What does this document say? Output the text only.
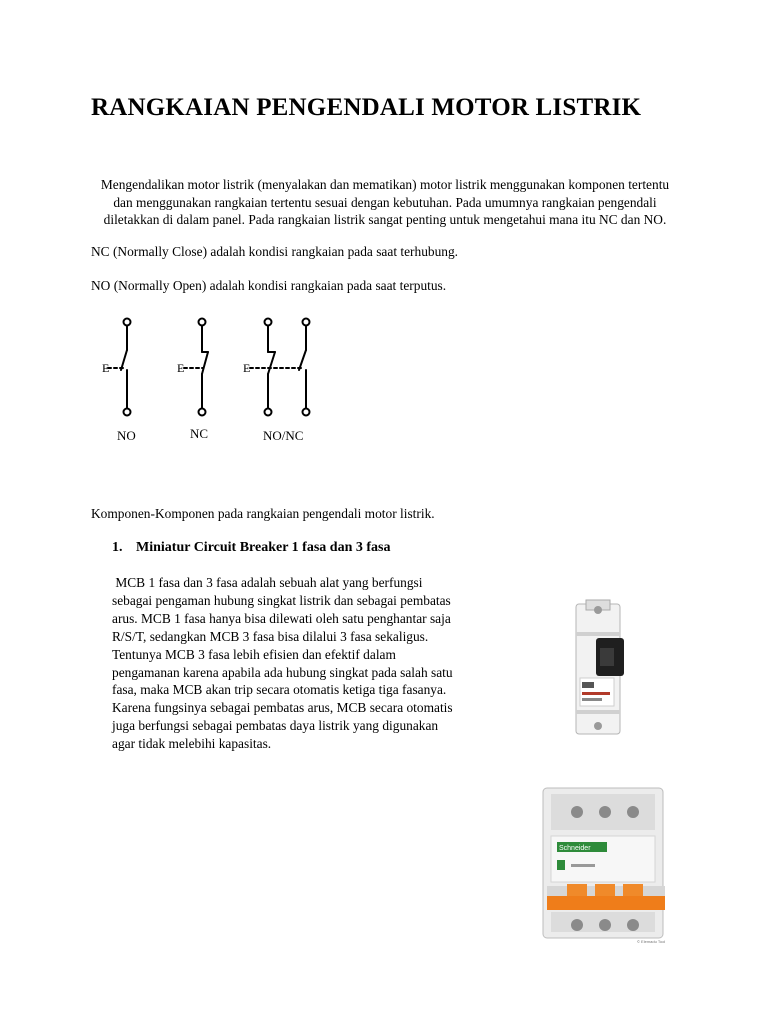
RANGKAIAN PENGENDALI MOTOR LISTRIK

Mengendalikan motor listrik (menyalakan dan mematikan) motor listrik menggunakan komponen tertentu
dan menggunakan rangkaian tertentu sesuai dengan kebutuhan. Pada umumnya rangkaian pengendali
diletakkan di dalam panel. Pada rangkaian listrik sangat penting untuk mengetahui mana itu NC dan NO.

NC (Normally Close) adalah kondisi rangkaian pada saat terhubung.

NO (Normally Open) adalah kondisi rangkaian pada saat terputus.

E	E	E
NO	NC	NO/NC

Komponen-Komponen pada rangkaian pengendali motor listrik.

1. Miniatur Circuit Breaker 1 fasa dan 3 fasa

MCB 1 fasa dan 3 fasa adalah sebuah alat yang berfungsi
sebagai pengaman hubung singkat listrik dan sebagai pembatas
arus. MCB 1 fasa hanya bisa dilewati oleh satu penghantar saja
R/S/T, sedangkan MCB 3 fasa bisa dilalui 3 fasa sekaligus.
Tentunya MCB 3 fasa lebih efisien dan efektif dalam
pengamanan karena apabila ada hubung singkat pada salah satu
fasa, maka MCB akan trip secara otomatis ketiga tiga fasanya.
Karena fungsinya sebagai pembatas arus, MCB secara otomatis
juga berfungsi sebagai pembatas daya listrik yang digunakan
agar tidak melebihi kapasitas.
Schneider
© Elemadu Tool
